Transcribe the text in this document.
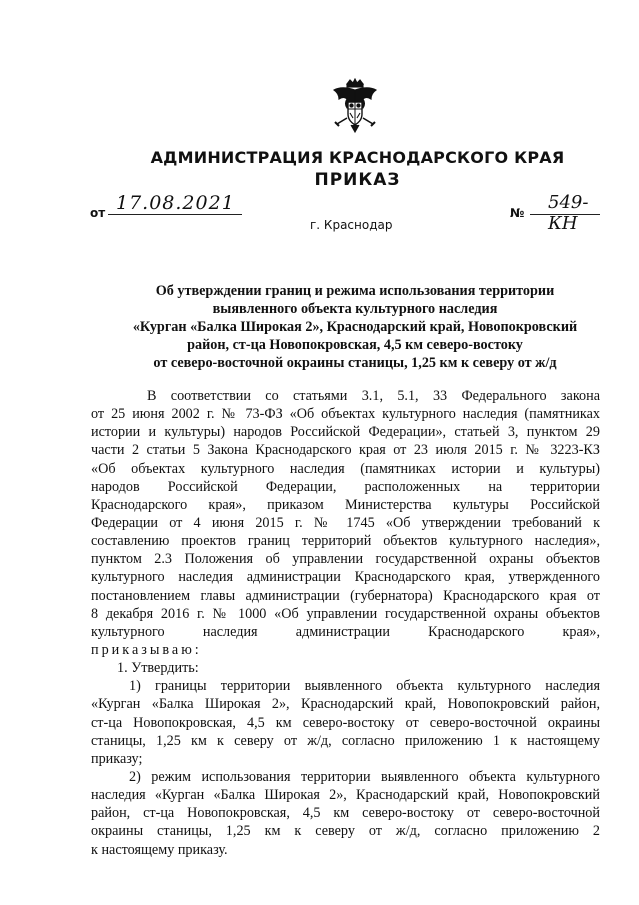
АДМИНИСТРАЦИЯ КРАСНОДАРСКОГО КРАЯ
ПРИКАЗ
от 17.08.2021
г. Краснодар
№ 549-КН
Об утверждении границ и режима использования территории
выявленного объекта культурного наследия
«Курган «Балка Широкая 2», Краснодарский край, Новопокровский
район, ст-ца Новопокровская, 4,5 км северо-востоку
от северо-восточной окраины станицы, 1,25 км к северу от ж/д
В соответствии со статьями 3.1, 5.1, 33 Федерального закона
от 25 июня 2002 г. № 73-ФЗ «Об объектах культурного наследия (памятниках
истории и культуры) народов Российской Федерации», статьей 3, пунктом 29
части 2 статьи 5 Закона Краснодарского края от 23 июля 2015 г. № 3223-КЗ
«Об объектах культурного наследия (памятниках истории и культуры)
народов Российской Федерации, расположенных на территории
Краснодарского края», приказом Министерства культуры Российской
Федерации от 4 июня 2015 г. № 1745 «Об утверждении требований к
составлению проектов границ территорий объектов культурного наследия»,
пунктом 2.3 Положения об управлении государственной охраны объектов
культурного наследия администрации Краснодарского края, утвержденного
постановлением главы администрации (губернатора) Краснодарского края от
8 декабря 2016 г. № 1000 «Об управлении государственной охраны объектов
культурного наследия администрации Краснодарского края»,
приказываю:
1. Утвердить:
1) границы территории выявленного объекта культурного наследия
«Курган «Балка Широкая 2», Краснодарский край, Новопокровский район,
ст-ца Новопокровская, 4,5 км северо-востоку от северо-восточной окраины
станицы, 1,25 км к северу от ж/д, согласно приложению 1 к настоящему
приказу;
2) режим использования территории выявленного объекта культурного
наследия «Курган «Балка Широкая 2», Краснодарский край, Новопокровский
район, ст-ца Новопокровская, 4,5 км северо-востоку от северо-восточной
окраины станицы, 1,25 км к северу от ж/д, согласно приложению 2
к настоящему приказу.
